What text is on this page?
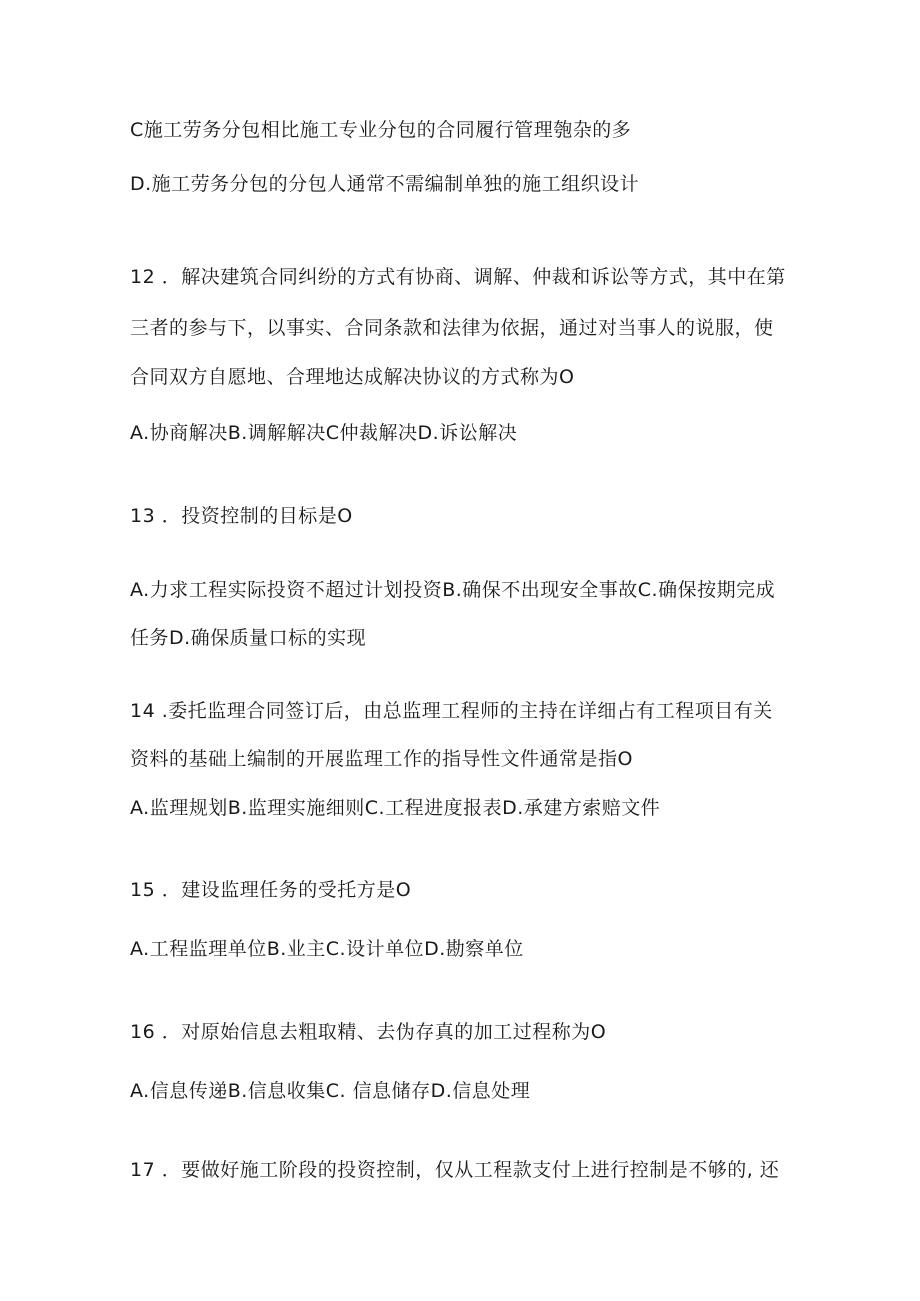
C施工劳务分包相比施工专业分包的合同履行管理匏杂的多
D.施工劳务分包的分包人通常不需编制单独的施工组织设计
12 ．解决建筑合同纠纷的方式有协商、调解、仲裁和诉讼等方式，其中在第
三者的参与下，以事实、合同条款和法律为依据，通过对当事人的说服，使
合同双方自愿地、合理地达成解决协议的方式称为O
A.协商解决B.调解解决C仲裁解决D.诉讼解决
13 ．投资控制的目标是O
A.力求工程实际投资不超过计划投资B.确保不出现安全事故C.确保按期完成
任务D.确保质量口标的实现
14 .委托监理合同签订后，由总监理工程师的主持在详细占有工程项目有关
资料的基础上编制的开展监理工作的指导性文件通常是指O
A.监理规划B.监理实施细则C.工程进度报表D.承建方索赔文件
15 ．建设监理任务的受托方是O
A.工程监理单位B.业主C.设计单位D.勘察单位
16 ．对原始信息去粗取精、去伪存真的加工过程称为O
A.信息传递B.信息收集C. 信息储存D.信息处理
17 ．要做好施工阶段的投资控制，仅从工程款支付上进行控制是不够的, 还
